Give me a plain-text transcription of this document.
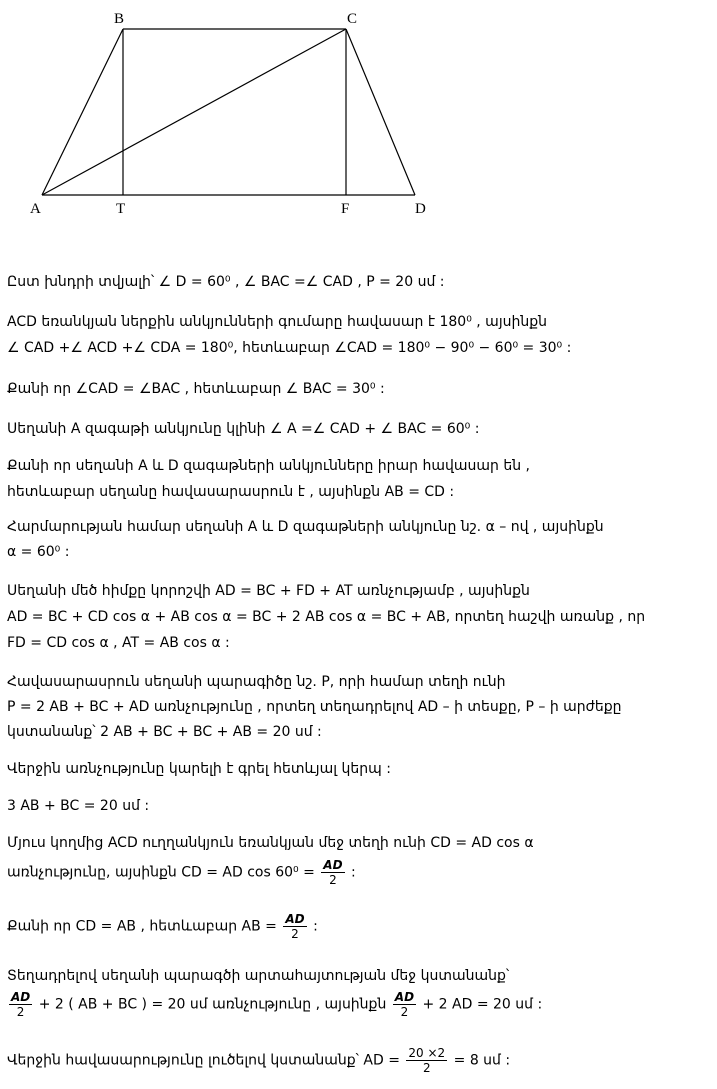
B	C
A	T	F	D
Ըստ խնդրի տվյալի՝ ∠ D = 60⁰ , ∠ BAC =∠ CAD , P = 20 սմ :
ACD եռանկյան ներքին անկյունների գումարը հավասար է 180⁰ , այսինքն
∠ CAD +∠ ACD +∠ CDA = 180⁰, հետևաբար ∠CAD = 180⁰ − 90⁰ − 60⁰ = 30⁰ :
Քանի որ ∠CAD = ∠BAC , հետևաբար ∠ BAC = 30⁰ :
Սեղանի A զագաթի անկյունը կլինի ∠ A =∠ CAD + ∠ BAC = 60⁰ :
Քանի որ սեղանի A և D զագաթների անկյունները իրար հավասար են ,
հետևաբար սեղանը հավասարասրուն է , այսինքն AB = CD :
Հարմարության համար սեղանի A և D զագաթների անկյունը նշ. α – ով , այսինքն
α = 60⁰ :
Սեղանի մեծ հիմքը կորոշվի AD = BC + FD + AT առնչությամբ , այսինքն
AD = BC + CD cos α + AB cos α = BC + 2 AB cos α = BC + AB, որտեղ հաշվի առանք , որ
FD = CD cos α , AT = AB cos α :
Հավասարասրուն սեղանի պարագիծը նշ. P, որի համար տեղի ունի
P = 2 AB + BC + AD առնչությունը , որտեղ տեղադրելով AD – ի տեսքը, P – ի արժեքը
կստանանք՝ 2 AB + BC + BC + AB = 20 սմ :
Վերջին առնչությունը կարելի է գրել հետևյալ կերպ :
3 AB + BC = 20 սմ :
Մյուս կողմից ACD ուղղանկյուն եռանկյան մեջ տեղի ունի CD = AD cos α
առնչությունը, այսինքն CD = AD $\cos 60^0 = \frac{AD}{2}$ :
Քանի որ CD = AB , հետևաբար AB = $\frac{AD}{2}$ :
Տեղադրելով սեղանի պարագծի արտահայտության մեջ կստանանք՝
$\frac{AD}{2} + 2$ ( AB + BC ) = 20 սմ առնչությունը , այսինքն $\frac{AD}{2} + 2$ AD = 20 սմ :
Վերջին հավասարությունը լուծելով կստանանք՝ AD = $\frac{20 \times 2}{2} = 8$ սմ :
